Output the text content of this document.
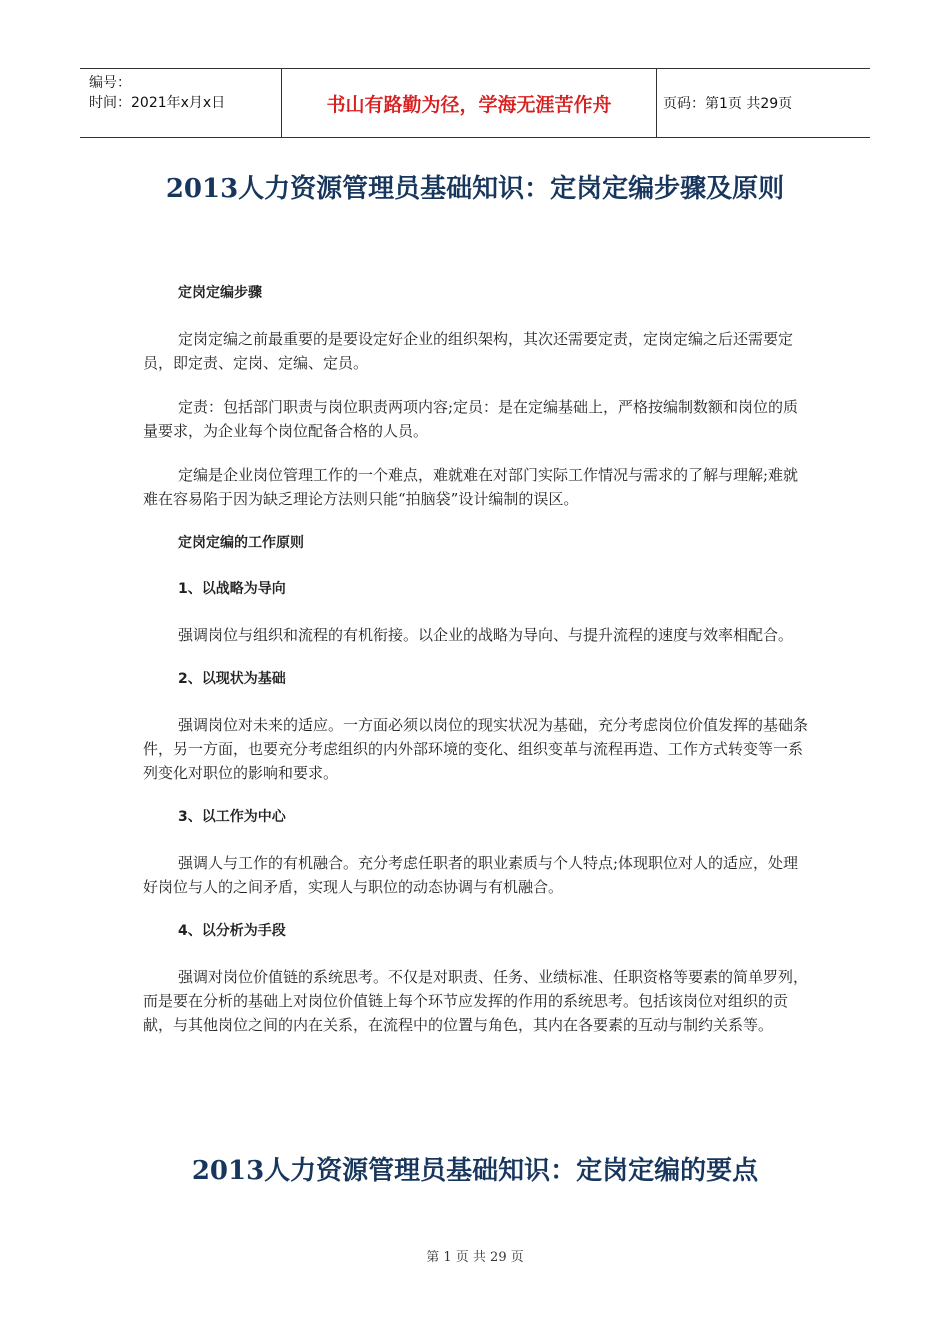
编号：
时间：2021年x月x日	书山有路勤为径，学海无涯苦作舟	页码：第1页 共29页
2013人力资源管理员基础知识：定岗定编步骤及原则
定岗定编步骤
定岗定编之前最重要的是要设定好企业的组织架构，其次还需要定责，定岗定编之后还需要定员，即定责、定岗、定编、定员。
定责：包括部门职责与岗位职责两项内容;定员：是在定编基础上，严格按编制数额和岗位的质量要求，为企业每个岗位配备合格的人员。
定编是企业岗位管理工作的一个难点，难就难在对部门实际工作情况与需求的了解与理解;难就难在容易陷于因为缺乏理论方法则只能“拍脑袋”设计编制的误区。
定岗定编的工作原则
1、以战略为导向
强调岗位与组织和流程的有机衔接。以企业的战略为导向、与提升流程的速度与效率相配合。
2、以现状为基础
强调岗位对未来的适应。一方面必须以岗位的现实状况为基础，充分考虑岗位价值发挥的基础条件，另一方面，也要充分考虑组织的内外部环境的变化、组织变革与流程再造、工作方式转变等一系列变化对职位的影响和要求。
3、以工作为中心
强调人与工作的有机融合。充分考虑任职者的职业素质与个人特点;体现职位对人的适应，处理好岗位与人的之间矛盾，实现人与职位的动态协调与有机融合。
4、以分析为手段
强调对岗位价值链的系统思考。不仅是对职责、任务、业绩标准、任职资格等要素的简单罗列，而是要在分析的基础上对岗位价值链上每个环节应发挥的作用的系统思考。包括该岗位对组织的贡献，与其他岗位之间的内在关系，在流程中的位置与角色，其内在各要素的互动与制约关系等。
2013人力资源管理员基础知识：定岗定编的要点
第 1 页 共 29 页
